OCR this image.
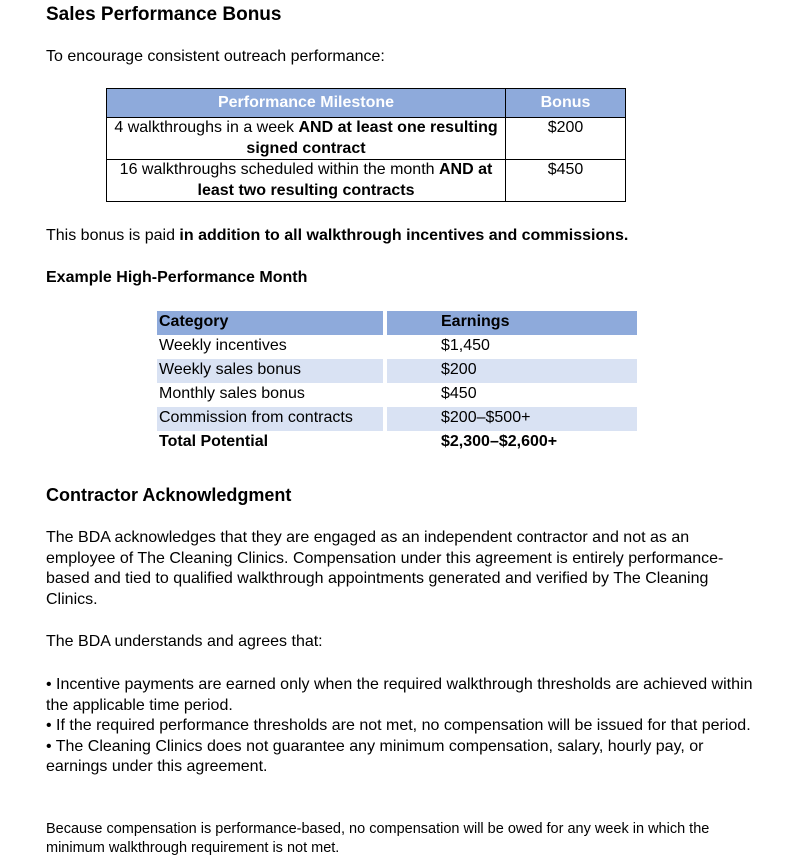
Sales Performance Bonus

To encourage consistent outreach performance:

Performance Milestone	Bonus
4 walkthroughs in a week AND at least one resulting signed contract	$200
16 walkthroughs scheduled within the month AND at least two resulting contracts	$450

This bonus is paid in addition to all walkthrough incentives and commissions.

Example High-Performance Month

Category	Earnings
Weekly incentives	$1,450
Weekly sales bonus	$200
Monthly sales bonus	$450
Commission from contracts	$200–$500+
Total Potential	$2,300–$2,600+

Contractor Acknowledgment

The BDA acknowledges that they are engaged as an independent contractor and not as an employee of The Cleaning Clinics. Compensation under this agreement is entirely performance-based and tied to qualified walkthrough appointments generated and verified by The Cleaning Clinics.

The BDA understands and agrees that:

• Incentive payments are earned only when the required walkthrough thresholds are achieved within the applicable time period.
• If the required performance thresholds are not met, no compensation will be issued for that period.
• The Cleaning Clinics does not guarantee any minimum compensation, salary, hourly pay, or earnings under this agreement.

Because compensation is performance-based, no compensation will be owed for any week in which the minimum walkthrough requirement is not met.
